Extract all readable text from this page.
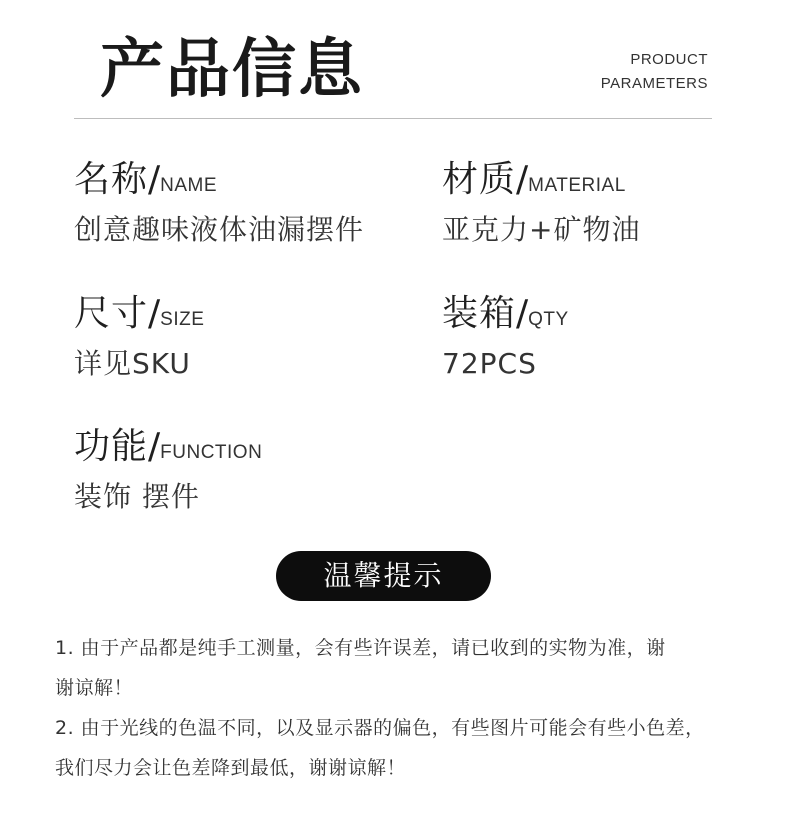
产品信息	PRODUCT
PARAMETERS
名称/NAME
创意趣味液体油漏摆件
材质/MATERIAL
亚克力+矿物油
尺寸/SIZE
详见SKU
装箱/QTY
72PCS
功能/FUNCTION
装饰 摆件
温馨提示

1. 由于产品都是纯手工测量，会有些许误差，请已收到的实物为准，谢

谢谅解！

2. 由于光线的色温不同，以及显示器的偏色，有些图片可能会有些小色差，

我们尽力会让色差降到最低，谢谢谅解！
